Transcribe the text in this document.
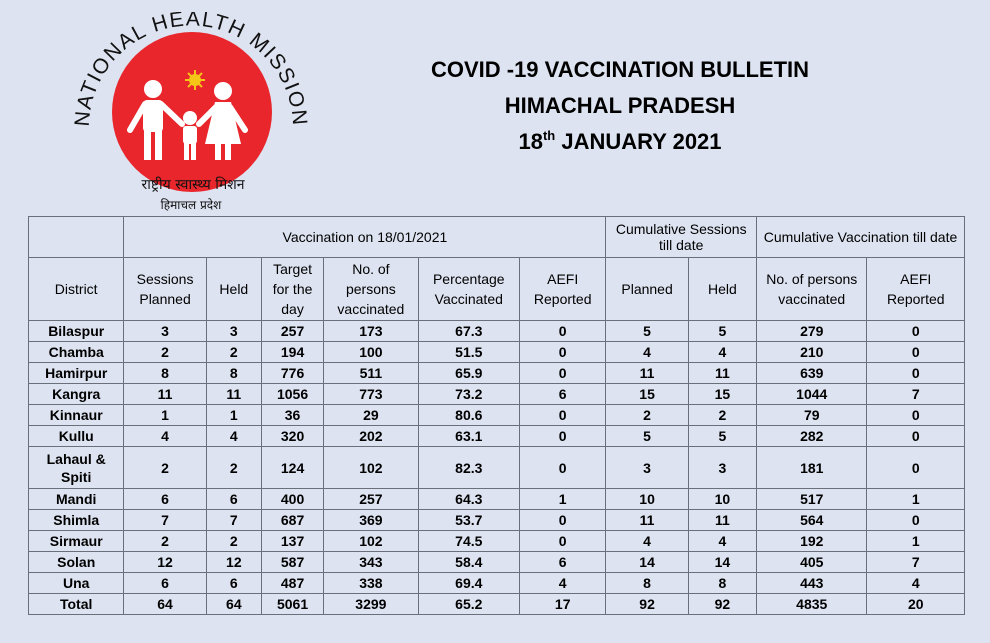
NATIONAL HEALTH MISSION
राष्ट्रीय स्वास्थ्य मिशन
हिमाचल प्रदेश
COVID -19 VACCINATION BULLETIN
HIMACHAL PRADESH
18th JANUARY 2021
	Vaccination on 18/01/2021						Cumulative Sessions till date		Cumulative Vaccination till date	
District	Sessions Planned	Held	Target for the day	No. of persons vaccinated	Percentage Vaccinated	AEFI Reported	Planned	Held	No. of persons vaccinated	AEFI Reported
Bilaspur	3	3	257	173	67.3	0	5	5	279	0
Chamba	2	2	194	100	51.5	0	4	4	210	0
Hamirpur	8	8	776	511	65.9	0	11	11	639	0
Kangra	11	11	1056	773	73.2	6	15	15	1044	7
Kinnaur	1	1	36	29	80.6	0	2	2	79	0
Kullu	4	4	320	202	63.1	0	5	5	282	0
Lahaul & Spiti	2	2	124	102	82.3	0	3	3	181	0
Mandi	6	6	400	257	64.3	1	10	10	517	1
Shimla	7	7	687	369	53.7	0	11	11	564	0
Sirmaur	2	2	137	102	74.5	0	4	4	192	1
Solan	12	12	587	343	58.4	6	14	14	405	7
Una	6	6	487	338	69.4	4	8	8	443	4
Total	64	64	5061	3299	65.2	17	92	92	4835	20
